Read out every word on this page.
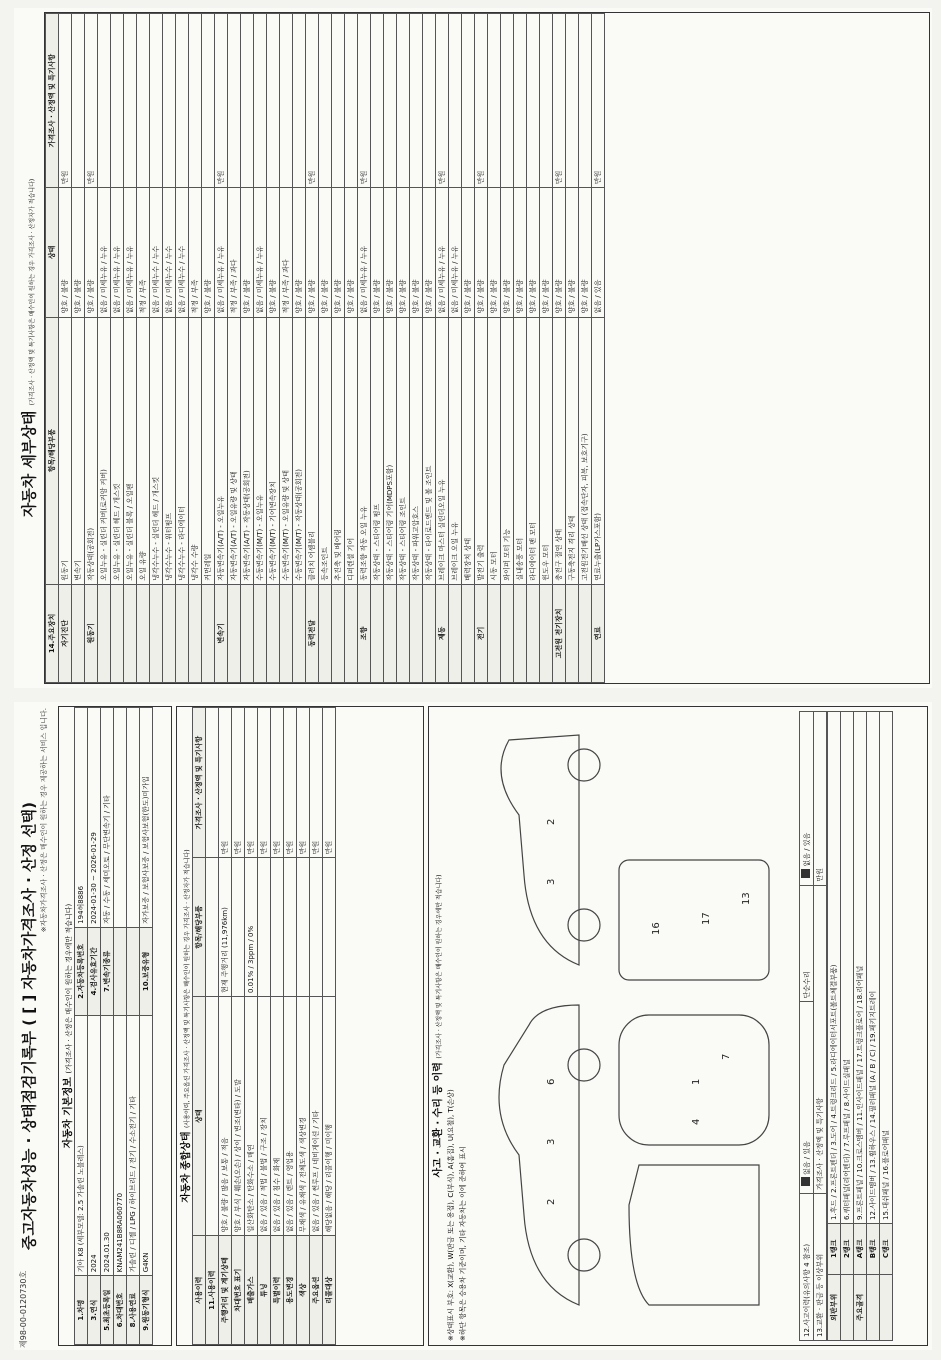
제98-00-0120730호
중고자동차성능 · 상태점검기록부 ( [ ] 자동차가격조사 · 산정 선택) ※자동차가격조사 · 산정은 매수인이 원하는 경우 제공하는 서비스 입니다.
자동차 기본정보 (가격조사 · 산정은 매수인이 원하는 경우에만 적습니다)
1.차명	기아 K8 (세부모델: 2.5 가솔린 노블레스)	2.자동차등록번호	194허8886
3.연식	2024	4.검사유효기간	2024-01-30 ~ 2026-01-29
5.최초등록일	2024.01.30	7.변속기종류	자동 / 수동 / 세미오토 / 무단변속기 / 기타
6.차대번호	KNAM241B8RA060770		
8.사용연료	가솔린 / 디젤 / LPG / 하이브리드 / 전기 / 수소전기 / 기타		
9.원동기형식	G4KN	10.보증유형	자가보증 / 보험사보증 / 보험사보험(한도)미가입
자동차 종합상태 (사용이력, 주요옵션 가격조사 · 산정액 및 특기사항은 매수인이 원하는 경우 가격조사 · 산정자가 적습니다)
사용이력	상태	항목/해당부품	가격조사 · 산정액 및 특기사항
11.사용이력			
주행거리 및 계기상태	양호 / 불량 / 많음 / 보통 / 적음	현재 주행거리 (11,976km)	만원
차대번호 표기	양호 / 부식 / 훼손(오손) / 상이 / 변조(변타) / 도말		만원
배출가스	일산화탄소 / 탄화수소 / 매연	0.01% / 3ppm / 0%	만원
튜닝	없음 / 있음 / 적법 / 불법 / 구조 / 장치		만원
특별이력	없음 / 있음 / 침수 / 화재		만원
용도변경	없음 / 있음 / 렌트 / 영업용		만원
색상	무채색 / 유채색 / 전체도색 / 색상변경		만원
주요옵션	없음 / 있음 / 썬루프 / 네비게이션 / 기타		만원
리콜대상	해당없음 / 해당 / 리콜이행 / 미이행		만원
사고 · 교환 · 수리 등 이력 (가격조사 · 산정액 및 특기사항은 매수인이 원하는 경우에만 적습니다)
※상태표시 부호: X(교환), W(판금 또는 용접), C(부식), A(흠집), U(요철), T(손상) ※하단 항목은 승용차 기준이며, 기타 자동차는 이에 준하여 표시	2
3
6	1
4
7
16
17
13
3
2
12.사고이력(유의사항 4 참조)	없음 / 있음	단순수리	없음 / 있음
13.교환 · 판금 등 이상부위	가격조사 · 산정액 및 특기사항		만원
외판부위	1랭크	1.후드 / 2.프론트펜더 / 3.도어 / 4.트렁크리드 / 5.라디에이터서포트(볼트체결부품)
	2랭크	6.쿼터패널(리어펜더) / 7.루프패널 / 8.사이드실패널
주요골격	A랭크	9.프론트패널 / 10.크로스멤버 / 11.인사이드패널 / 17.트렁크플로어 / 18.리어패널
	B랭크	12.사이드멤버 / 13.휠하우스 / 14.필러패널 (A / B / C) / 19.패키지트레이
	C랭크	15.대쉬패널 / 16.플로어패널
자동차 세부상태 (가격조사 · 산정액 및 특기사항은 매수인이 원하는 경우 가격조사 · 산정자가 적습니다)
14.주요장치	항목/해당부품	상태	가격조사 · 산정액 및 특기사항
자기진단	원동기	양호 / 불량	만원
	변속기	양호 / 불량	
원동기	작동상태(공회전)	양호 / 불량	만원
	오일누유 - 실린더 커버(로커암 커버)	없음 / 미세누유 / 누유	
	오일누유 - 실린더 헤드 / 개스킷	없음 / 미세누유 / 누유	
	오일누유 - 실린더 블록 / 오일팬	없음 / 미세누유 / 누유	
	오일 유량	적정 / 부족	
	냉각수누수 - 실린더 헤드 / 개스킷	없음 / 미세누수 / 누수	
	냉각수누수 - 워터펌프	없음 / 미세누수 / 누수	
	냉각수누수 - 라디에이터	없음 / 미세누수 / 누수	
	냉각수 수량	적정 / 부족	
	커먼레일	양호 / 불량	
변속기	자동변속기(A/T) - 오일누유	없음 / 미세누유 / 누유	만원
	자동변속기(A/T) - 오일유량 및 상태	적정 / 부족 / 과다	
	자동변속기(A/T) - 작동상태(공회전)	양호 / 불량	
	수동변속기(M/T) - 오일누유	없음 / 미세누유 / 누유	
	수동변속기(M/T) - 기어변속장치	양호 / 불량	
	수동변속기(M/T) - 오일유량 및 상태	적정 / 부족 / 과다	
	수동변속기(M/T) - 작동상태(공회전)	양호 / 불량	
동력전달	클러치 어셈블리	양호 / 불량	만원
	등속조인트	양호 / 불량	
	추진축 및 베어링	양호 / 불량	
	디퍼렌셜 기어	양호 / 불량	
조향	동력조향 작동 오일 누유	없음 / 미세누유 / 누유	만원
	작동상태 - 스티어링 펌프	양호 / 불량	
	작동상태 - 스티어링 기어(MDPS포함)	양호 / 불량	
	작동상태 - 스티어링 조인트	양호 / 불량	
	작동상태 - 파워고압호스	양호 / 불량	
	작동상태 - 타이로드엔드 및 볼 조인트	양호 / 불량	
제동	브레이크 마스터 실린더오일 누유	없음 / 미세누유 / 누유	만원
	브레이크 오일 누유	없음 / 미세누유 / 누유	
	배력장치 상태	양호 / 불량	
전기	발전기 출력	양호 / 불량	만원
	시동 모터	양호 / 불량	
	와이퍼 모터 기능	양호 / 불량	
	실내송풍 모터	양호 / 불량	
	라디에이터 팬 모터	양호 / 불량	
	윈도우 모터	양호 / 불량	
고전원 전기장치	충전구 절연 상태	양호 / 불량	만원
	구동축전지 격리 상태	양호 / 불량	
	고전원전기배선 상태 (접속단자, 피복, 보호기구)	양호 / 불량	
연료	연료누출(LP가스포함)	없음 / 있음	만원
